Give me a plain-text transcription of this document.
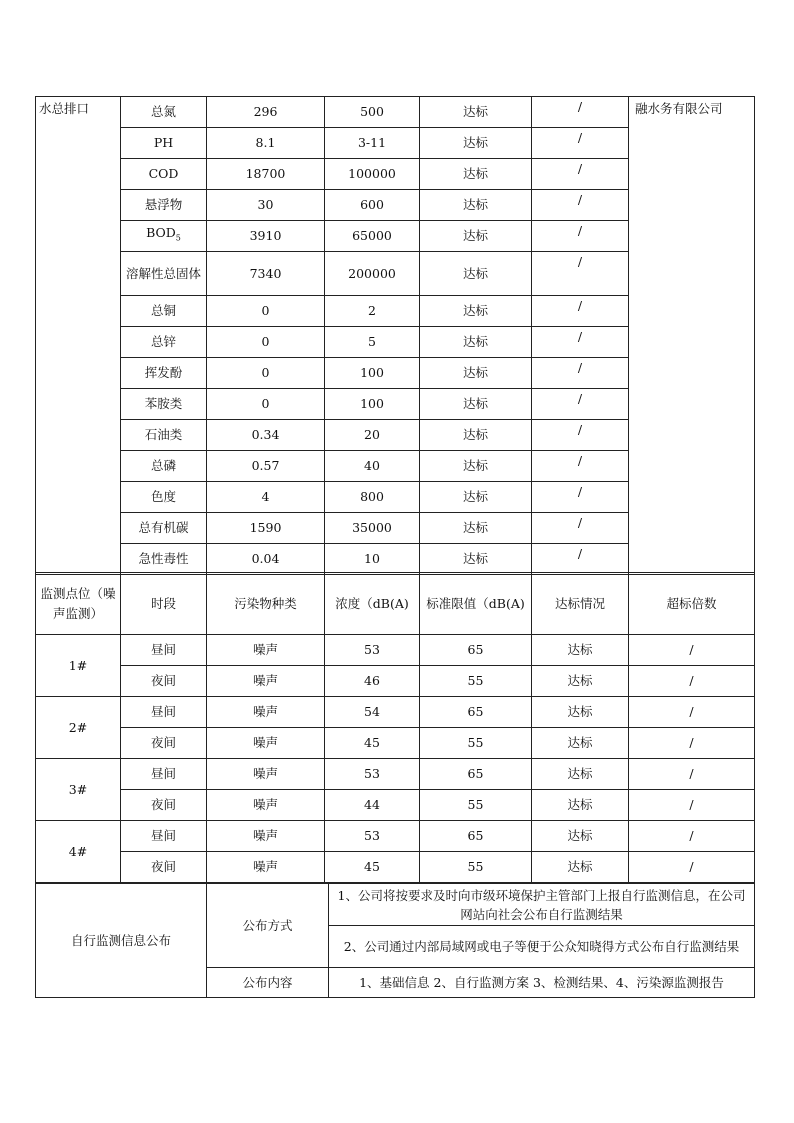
水总排口	总氮	296	500	达标	/	融水务有限公司
	PH	8.1	3-11	达标	/	
	COD	18700	100000	达标	/	
	悬浮物	30	600	达标	/	
	$BOD_5$	3910	65000	达标	/	
	溶解性总固体	7340	200000	达标	/	
	总铜	0	2	达标	/	
	总锌	0	5	达标	/	
	挥发酚	0	100	达标	/	
	苯胺类	0	100	达标	/	
	石油类	0.34	20	达标	/	
	总磷	0.57	40	达标	/	
	色度	4	800	达标	/	
	总有机碳	1590	35000	达标	/	
	急性毒性	0.04	10	达标	/	
监测点位（噪声监测）	时段	污染物种类	浓度（dB(A)	标准限值（dB(A)	达标情况	超标倍数
1#	昼间	噪声	53	65	达标	/
	夜间	噪声	46	55	达标	/
2#	昼间	噪声	54	65	达标	/
	夜间	噪声	45	55	达标	/
3#	昼间	噪声	53	65	达标	/
	夜间	噪声	44	55	达标	/
4#	昼间	噪声	53	65	达标	/
	夜间	噪声	45	55	达标	/
自行监测信息公布	公布方式	1、公司将按要求及时向市级环境保护主管部门上报自行监测信息，在公司网站向社会公布自行监测结果
		2、公司通过内部局域网或电子等便于公众知晓得方式公布自行监测结果
	公布内容	1、基础信息 2、自行监测方案 3、检测结果、4、污染源监测报告
